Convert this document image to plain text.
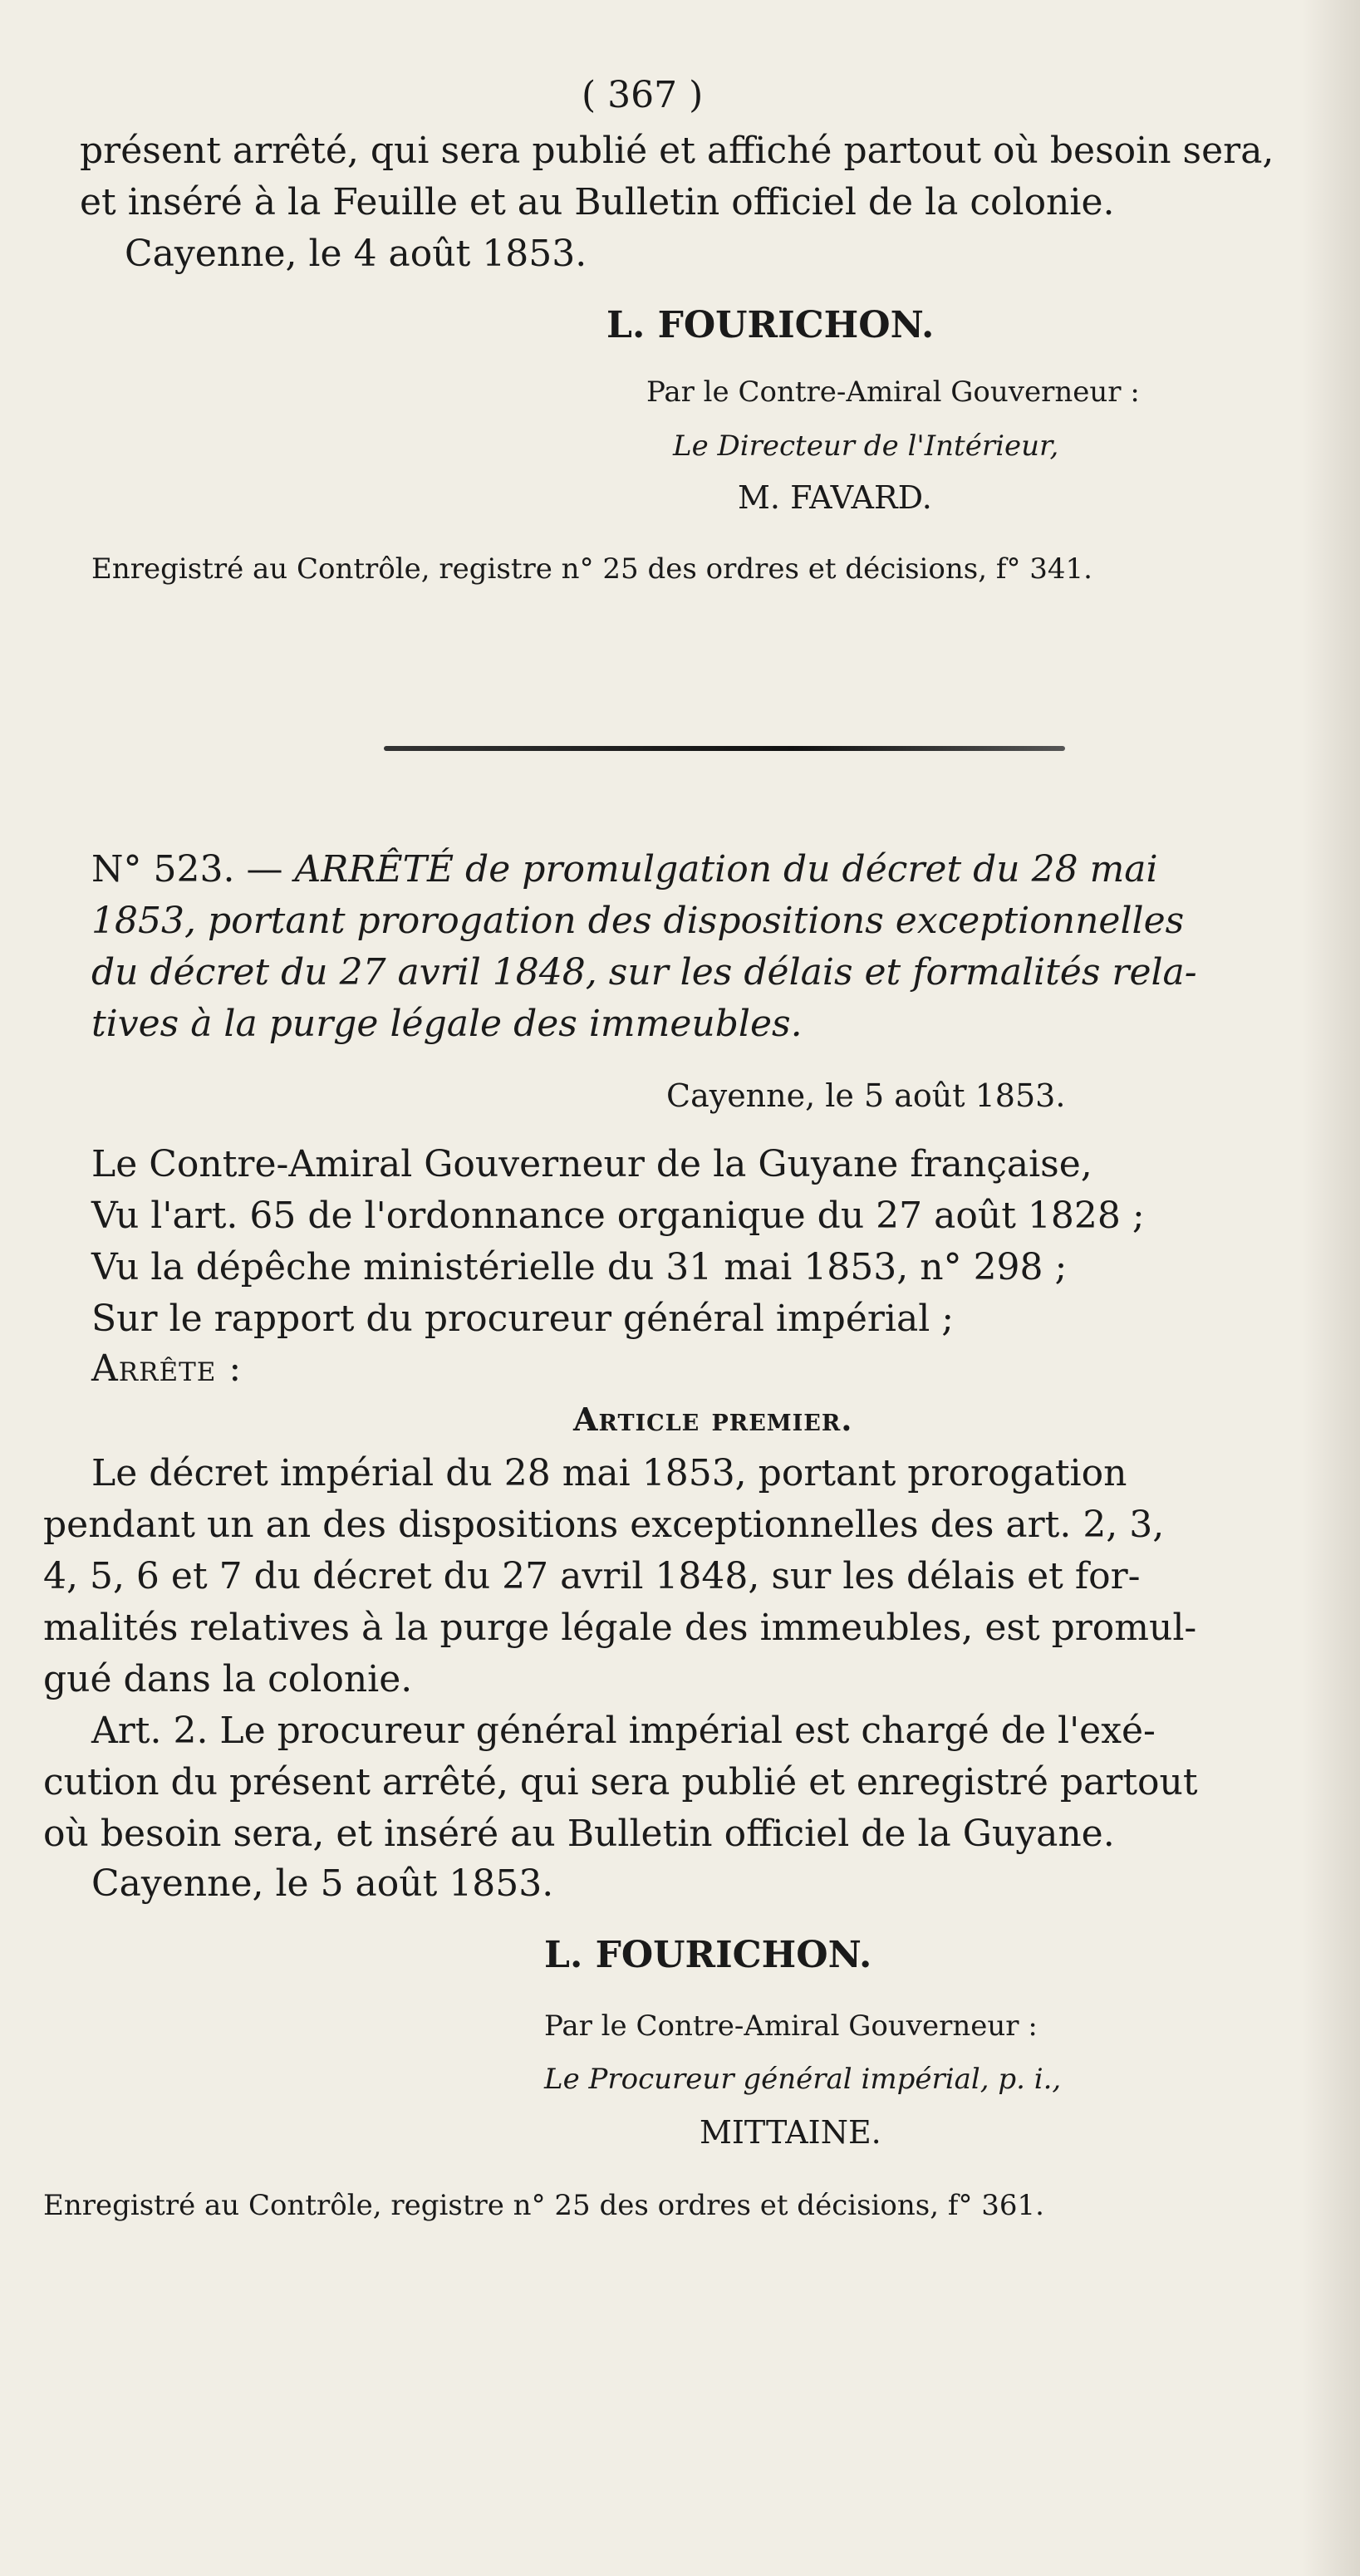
( 367 )
présent arrêté, qui sera publié et affiché partout où besoin sera,
et inséré à la Feuille et au Bulletin officiel de la colonie.
Cayenne, le 4 août 1853.
L. FOURICHON.
Par le Contre-Amiral Gouverneur :
Le Directeur de l'Intérieur,
M. FAVARD.
Enregistré au Contrôle, registre n° 25 des ordres et décisions, f° 341.
N° 523. — ARRÊTÉ de promulgation du décret du 28 mai
1853, portant prorogation des dispositions exceptionnelles
du décret du 27 avril 1848, sur les délais et formalités rela-
tives à la purge légale des immeubles.
Cayenne, le 5 août 1853.
Le Contre-Amiral Gouverneur de la Guyane française,
Vu l'art. 65 de l'ordonnance organique du 27 août 1828 ;
Vu la dépêche ministérielle du 31 mai 1853, n° 298 ;
Sur le rapport du procureur général impérial ;
Arrête :
Article premier.
Le décret impérial du 28 mai 1853, portant prorogation
pendant un an des dispositions exceptionnelles des art. 2, 3,
4, 5, 6 et 7 du décret du 27 avril 1848, sur les délais et for-
malités relatives à la purge légale des immeubles, est promul-
gué dans la colonie.
Art. 2. Le procureur général impérial est chargé de l'exé-
cution du présent arrêté, qui sera publié et enregistré partout
où besoin sera, et inséré au Bulletin officiel de la Guyane.
Cayenne, le 5 août 1853.
L. FOURICHON.
Par le Contre-Amiral Gouverneur :
Le Procureur général impérial, p. i.,
MITTAINE.
Enregistré au Contrôle, registre n° 25 des ordres et décisions, f° 361.
